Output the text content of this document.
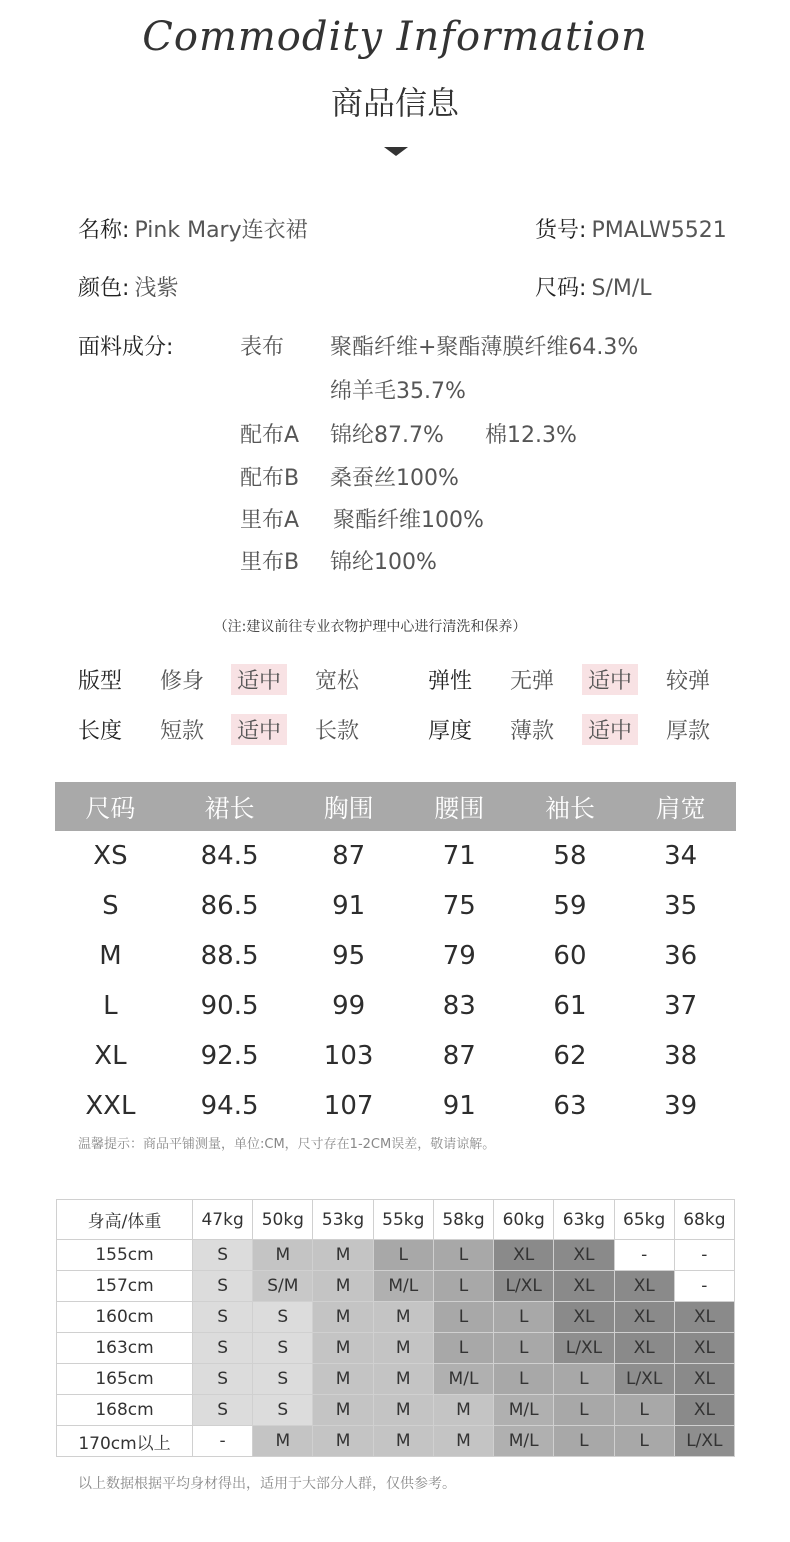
Commodity Information
商品信息
名称: Pink Mary连衣裙	货号: PMALW5521
颜色: 浅紫	尺码: S/M/L
面料成分:	表布 聚酯纤维+聚酯薄膜纤维64.3%
绵羊毛35.7%
配布A 锦纶87.7% 棉12.3%
配布B 桑蚕丝100%
里布A 聚酯纤维100%
里布B 锦纶100%
（注:建议前往专业衣物护理中心进行清洗和保养）
版型 修身 适中 宽松	弹性 无弹 适中 较弹
长度 短款 适中 长款	厚度 薄款 适中 厚款
尺码	裙长	胸围	腰围	袖长	肩宽
XS	84.5	87	71	58	34
S	86.5	91	75	59	35
M	88.5	95	79	60	36
L	90.5	99	83	61	37
XL	92.5	103	87	62	38
XXL	94.5	107	91	63	39
温馨提示：商品平铺测量，单位:CM，尺寸存在1-2CM误差，敬请谅解。
身高/体重	47kg	50kg	53kg	55kg	58kg	60kg	63kg	65kg	68kg
155cm	S	M	M	L	L	XL	XL	-	-
157cm	S	S/M	M	M/L	L	L/XL	XL	XL	-
160cm	S	S	M	M	L	L	XL	XL	XL
163cm	S	S	M	M	L	L	L/XL	XL	XL
165cm	S	S	M	M	M/L	L	L	L/XL	XL
168cm	S	S	M	M	M	M/L	L	L	XL
170cm以上	-	M	M	M	M	M/L	L	L	L/XL
以上数据根据平均身材得出，适用于大部分人群，仅供参考。
